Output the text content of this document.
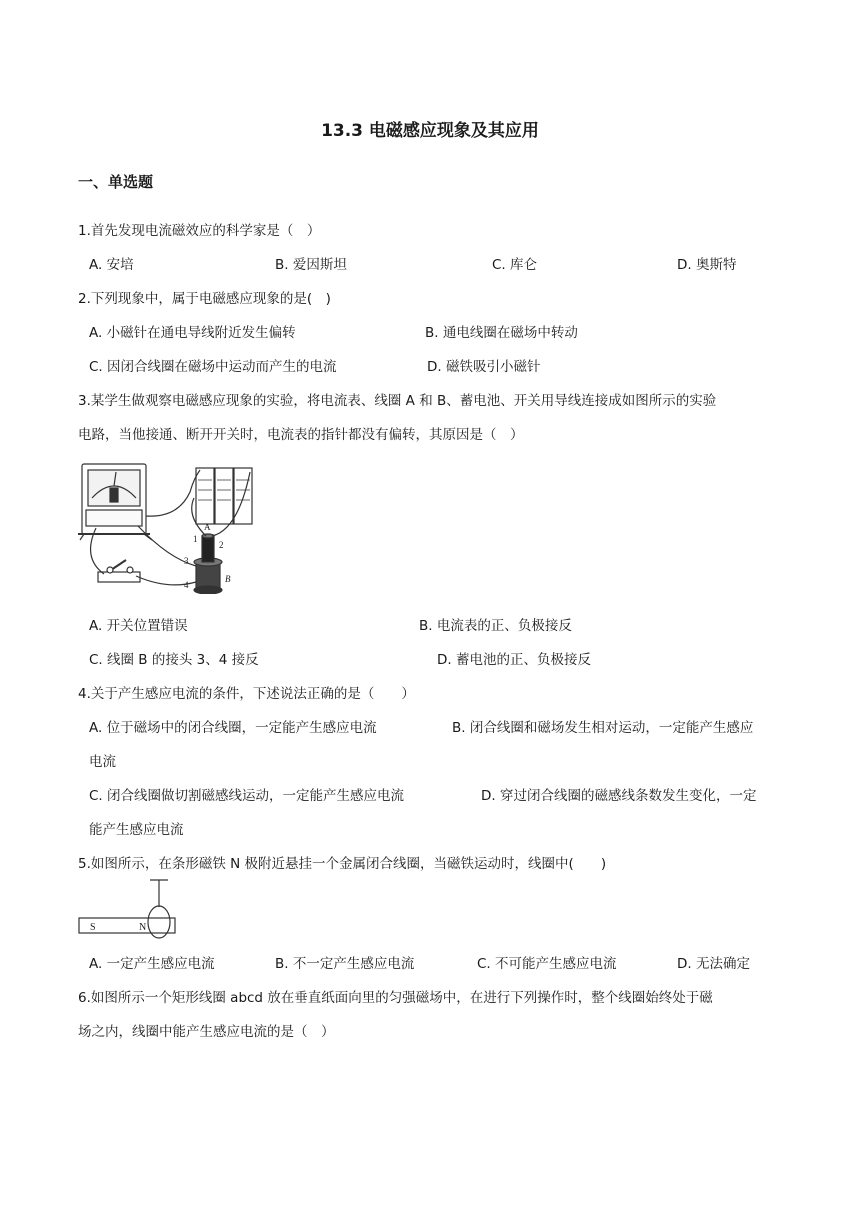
13.3 电磁感应现象及其应用
一、单选题
1.首先发现电流磁效应的科学家是（　）
A. 安培	B. 爱因斯坦	C. 库仑	D. 奥斯特
2.下列现象中，属于电磁感应现象的是(　)
A. 小磁针在通电导线附近发生偏转	B. 通电线圈在磁场中转动
C. 因闭合线圈在磁场中运动而产生的电流	D. 磁铁吸引小磁针
3.某学生做观察电磁感应现象的实验，将电流表、线圈 A 和 B、蓄电池、开关用导线连接成如图所示的实验
电路，当他接通、断开开关时，电流表的指针都没有偏转，其原因是（　）
A
B
1
2
3
4
A. 开关位置错误	B. 电流表的正、负极接反
C. 线圈 B 的接头 3、4 接反	D. 蓄电池的正、负极接反
4.关于产生感应电流的条件，下述说法正确的是（　　）
A. 位于磁场中的闭合线圈，一定能产生感应电流	B. 闭合线圈和磁场发生相对运动，一定能产生感应
电流
C. 闭合线圈做切割磁感线运动，一定能产生感应电流	D. 穿过闭合线圈的磁感线条数发生变化，一定
能产生感应电流
5.如图所示，在条形磁铁 N 极附近悬挂一个金属闭合线圈，当磁铁运动时，线圈中(　　)
S	N
A. 一定产生感应电流	B. 不一定产生感应电流	C. 不可能产生感应电流	D. 无法确定
6.如图所示一个矩形线圈 abcd 放在垂直纸面向里的匀强磁场中，在进行下列操作时，整个线圈始终处于磁
场之内，线圈中能产生感应电流的是（　）
